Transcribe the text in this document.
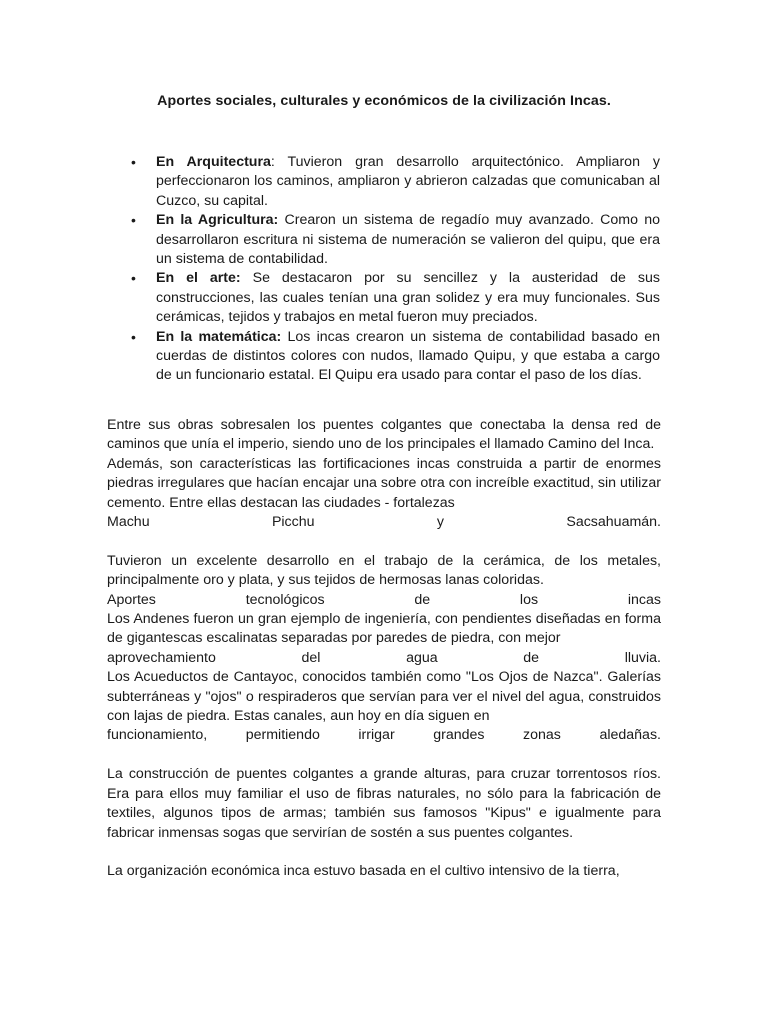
Aportes sociales, culturales y económicos de la civilización Incas.
• En Arquitectura: Tuvieron gran desarrollo arquitectónico. Ampliaron y perfeccionaron los caminos, ampliaron y abrieron calzadas que comunicaban al Cuzco, su capital.
• En la Agricultura: Crearon un sistema de regadío muy avanzado. Como no desarrollaron escritura ni sistema de numeración se valieron del quipu, que era un sistema de contabilidad.
• En el arte: Se destacaron por su sencillez y la austeridad de sus construcciones, las cuales tenían una gran solidez y era muy funcionales. Sus cerámicas, tejidos y trabajos en metal fueron muy preciados.
• En la matemática: Los incas crearon un sistema de contabilidad basado en cuerdas de distintos colores con nudos, llamado Quipu, y que estaba a cargo de un funcionario estatal. El Quipu era usado para contar el paso de los días.

Entre sus obras sobresalen los puentes colgantes que conectaba la densa red de caminos que unía el imperio, siendo uno de los principales el llamado Camino del Inca.

Además, son características las fortificaciones incas construida a partir de enormes piedras irregulares que hacían encajar una sobre otra con increíble exactitud, sin utilizar cemento. Entre ellas destacan las ciudades - fortalezas

Machu Picchu y Sacsahuamán.

Tuvieron un excelente desarrollo en el trabajo de la cerámica, de los metales, principalmente oro y plata, y sus tejidos de hermosas lanas coloridas.

Aportes tecnológicos de los incas

Los Andenes fueron un gran ejemplo de ingeniería, con pendientes diseñadas en forma de gigantescas escalinatas separadas por paredes de piedra, con mejor

aprovechamiento del agua de lluvia.

Los Acueductos de Cantayoc, conocidos también como "Los Ojos de Nazca". Galerías subterráneas y "ojos" o respiraderos que servían para ver el nivel del agua, construidos con lajas de piedra. Estas canales, aun hoy en día siguen en

funcionamiento, permitiendo irrigar grandes zonas aledañas.

La construcción de puentes colgantes a grande alturas, para cruzar torrentosos ríos. Era para ellos muy familiar el uso de fibras naturales, no sólo para la fabricación de textiles, algunos tipos de armas; también sus famosos "Kipus" e igualmente para fabricar inmensas sogas que servirían de sostén a sus puentes colgantes.

La organización económica inca estuvo basada en el cultivo intensivo de la tierra,
